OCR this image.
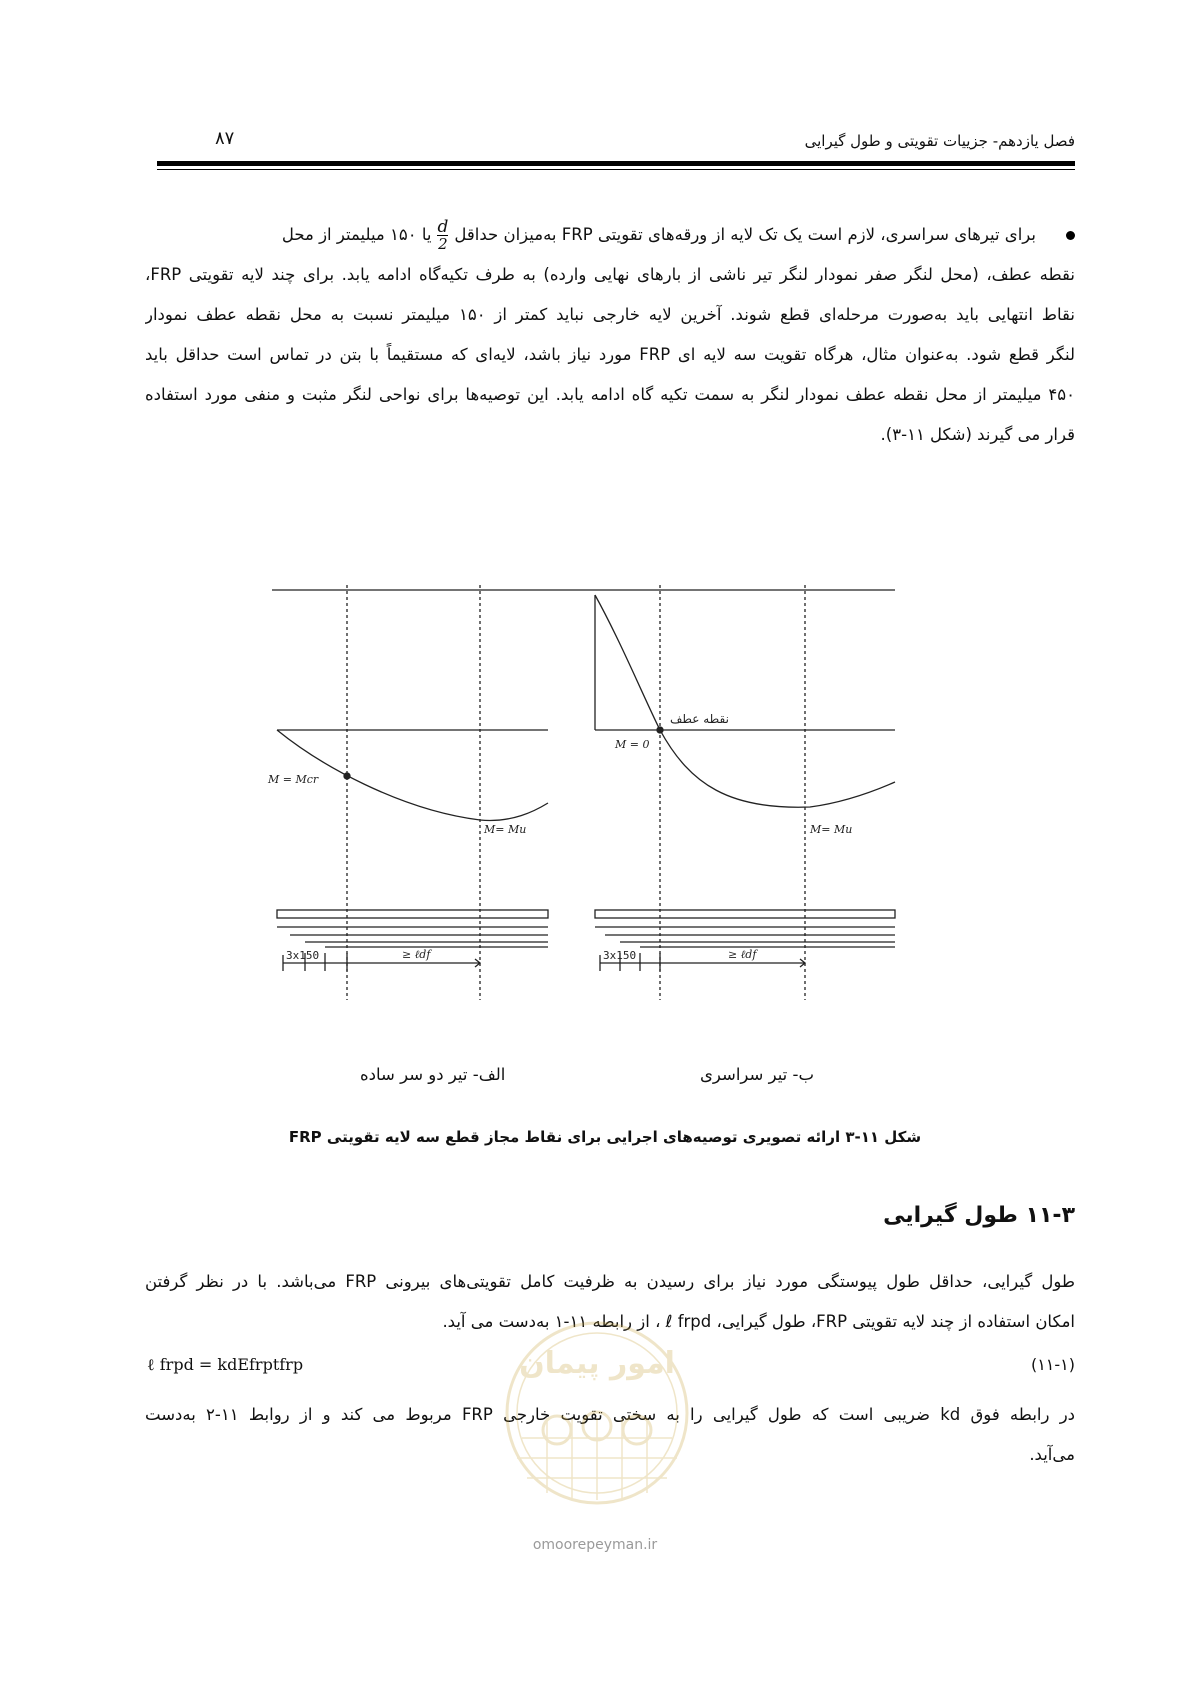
۸۷	فصل یازدهم- جزییات تقویتی و طول گیرایی
برای تیرهای سراسری، لازم است یک تک لایه از ورقه‌های تقویتی FRP به‌میزان حداقل
$\frac{d}{2}$
یا ۱۵۰ میلیمتر از محل
نقطه عطف، (محل لنگر صفر نمودار لنگر تیر ناشی از بارهای نهایی وارده) به طرف تکیه‌گاه ادامه یابد. برای چند لایه تقویتی FRP،
نقاط انتهایی باید به‌صورت مرحله‌ای قطع شوند. آخرین لایه خارجی نباید کمتر از ۱۵۰ میلیمتر نسبت به محل نقطه عطف نمودار
لنگر قطع شود. به‌عنوان مثال، هرگاه تقویت سه لایه ای FRP مورد نیاز باشد، لایه‌ای که مستقیماً با بتن در تماس است حداقل باید
۴۵۰ میلیمتر از محل نقطه عطف نمودار لنگر به سمت تکیه گاه ادامه یابد. این توصیه‌ها برای نواحی لنگر مثبت و منفی مورد استفاده
قرار می گیرند (شکل ۱۱-۳).
M = Mcr
M= Mu
M = 0
M= Mu
≥ ℓdf	≥ ℓdf
3x150	3x150
نقطه عطف
الف- تیر دو سر ساده	ب- تیر سراسری
شکل ۱۱-۳ ارائه تصویری توصیه‌های اجرایی برای نقاط مجاز قطع سه لایه تقویتی FRP
۱۱-۳ طول گیرایی
طول گیرایی، حداقل طول پیوستگی مورد نیاز برای رسیدن به ظرفیت کامل تقویتی‌های بیرونی FRP می‌باشد. با در نظر گرفتن
امکان استفاده از چند لایه تقویتی FRP، طول گیرایی، ℓ frpd ، از رابطه ۱۱-۱ به‌دست می آید.
ℓ frpd = kdEfrptfrp	(۱۱-۱)
در رابطه فوق kd ضریبی است که طول گیرایی را به سختی تقویت خارجی FRP مربوط می کند و از روابط ۱۱-۲ به‌دست
می‌آید.
امور پیمان
omoorepeyman.ir
